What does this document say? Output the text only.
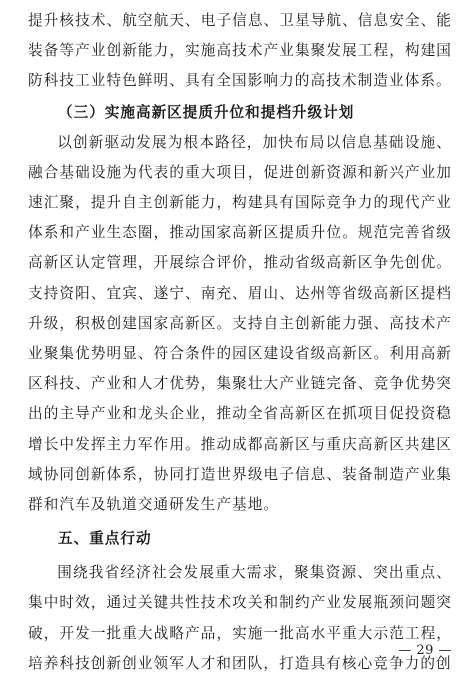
提升核技术、航空航天、电子信息、卫星导航、信息安全、能装备等产业创新能力，实施高技术产业集聚发展工程，构建国防科技工业特色鲜明、具有全国影响力的高技术制造业体系。

（三）实施高新区提质升位和提档升级计划

以创新驱动发展为根本路径，加快布局以信息基础设施、融合基础设施为代表的重大项目，促进创新资源和新兴产业加速汇聚，提升自主创新能力，构建具有国际竞争力的现代产业体系和产业生态圈，推动国家高新区提质升位。规范完善省级高新区认定管理，开展综合评价，推动省级高新区争先创优。支持资阳、宜宾、遂宁、南充、眉山、达州等省级高新区提档升级，积极创建国家高新区。支持自主创新能力强、高技术产业聚集优势明显、符合条件的园区建设省级高新区。利用高新区科技、产业和人才优势，集聚壮大产业链完备、竞争优势突出的主导产业和龙头企业，推动全省高新区在抓项目促投资稳增长中发挥主力军作用。推动成都高新区与重庆高新区共建区域协同创新体系，协同打造世界级电子信息、装备制造产业集群和汽车及轨道交通研发生产基地。

五、重点行动

围绕我省经济社会发展重大需求，聚集资源、突出重点、集中时效，通过关键共性技术攻关和制约产业发展瓶颈问题突破，开发一批重大战略产品，实施一批高水平重大示范工程，培养科技创新创业领军人才和团队，打造具有核心竞争力的创

— 29 —
